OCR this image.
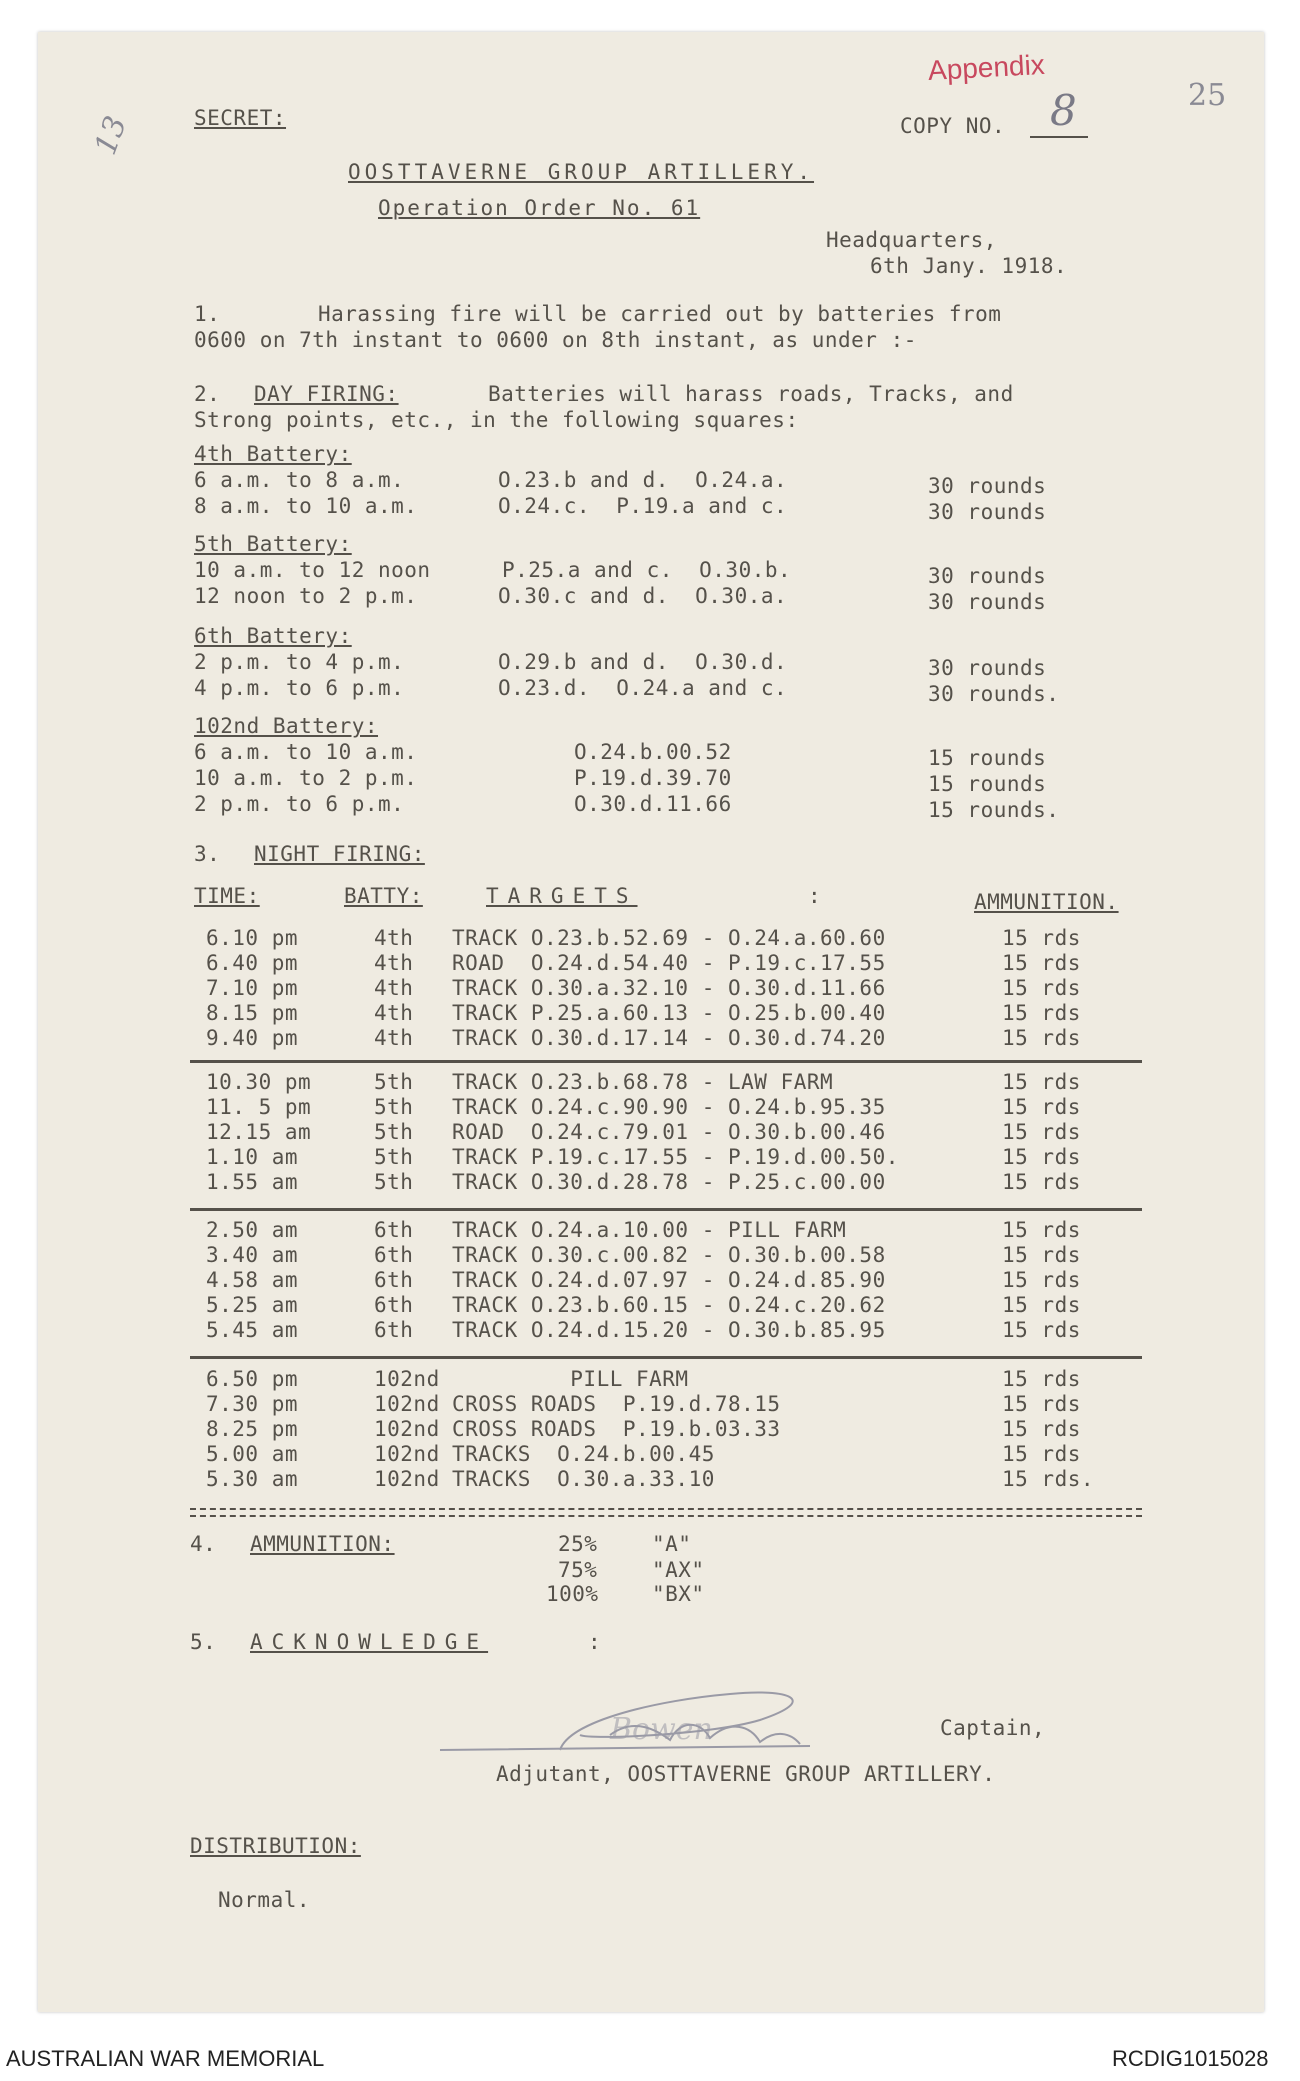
13
25
Appendix
SECRET:	COPY NO. 8
OOSTTAVERNE GROUP ARTILLERY.
Operation Order No. 61
Headquarters,
6th Jany. 1918.
1.	Harassing fire will be carried out by batteries from
0600 on 7th instant to 0600 on 8th instant, as under :-
2. DAY FIRING:	Batteries will harass roads, Tracks, and
Strong points, etc., in the following squares:
4th Battery:
6 a.m. to 8 a.m.	O.23.b and d.  O.24.a.	30 rounds
8 a.m. to 10 a.m.	O.24.c.  P.19.a and c.	30 rounds
5th Battery:
10 a.m. to 12 noon	P.25.a and c.  O.30.b.	30 rounds
12 noon to 2 p.m.	O.30.c and d.  O.30.a.	30 rounds
6th Battery:
2 p.m. to 4 p.m.	O.29.b and d.  O.30.d.	30 rounds
4 p.m. to 6 p.m.	O.23.d.  O.24.a and c.	30 rounds.
102nd Battery:
6 a.m. to 10 a.m.	O.24.b.00.52	15 rounds
10 a.m. to 2 p.m.	P.19.d.39.70	15 rounds
2 p.m. to 6 p.m.	O.30.d.11.66	15 rounds.
3. NIGHT FIRING:
TIME:	BATTY:	TARGETS	:	AMMUNITION.
6.10 pm	4th TRACK O.23.b.52.69 - O.24.a.60.60	15 rds
6.40 pm	4th ROAD  O.24.d.54.40 - P.19.c.17.55	15 rds
7.10 pm	4th TRACK O.30.a.32.10 - O.30.d.11.66	15 rds
8.15 pm	4th TRACK P.25.a.60.13 - O.25.b.00.40	15 rds
9.40 pm	4th TRACK O.30.d.17.14 - O.30.d.74.20	15 rds
10.30 pm	5th TRACK O.23.b.68.78 - LAW FARM	15 rds
11. 5 pm	5th TRACK O.24.c.90.90 - O.24.b.95.35	15 rds
12.15 am	5th ROAD  O.24.c.79.01 - O.30.b.00.46	15 rds
1.10 am	5th TRACK P.19.c.17.55 - P.19.d.00.50.	15 rds
1.55 am	5th TRACK O.30.d.28.78 - P.25.c.00.00	15 rds
2.50 am	6th TRACK O.24.a.10.00 - PILL FARM	15 rds
3.40 am	6th TRACK O.30.c.00.82 - O.30.b.00.58	15 rds
4.58 am	6th TRACK O.24.d.07.97 - O.24.d.85.90	15 rds
5.25 am	6th TRACK O.23.b.60.15 - O.24.c.20.62	15 rds
5.45 am	6th TRACK O.24.d.15.20 - O.30.b.85.95	15 rds
6.50 pm	102nd PILL FARM	15 rds
7.30 pm	102nd CROSS ROADS  P.19.d.78.15	15 rds
8.25 pm	102nd CROSS ROADS  P.19.b.03.33	15 rds
5.00 am	102nd TRACKS  O.24.b.00.45	15 rds
5.30 am	102nd TRACKS  O.30.a.33.10	15 rds.
4. AMMUNITION:	25%	"A"
75%	"AX"
100%	"BX"
5. ACKNOWLEDGE	:
Bowen	Captain,
Adjutant, OOSTTAVERNE GROUP ARTILLERY.
DISTRIBUTION:
Normal.
AUSTRALIAN WAR MEMORIAL	RCDIG1015028
